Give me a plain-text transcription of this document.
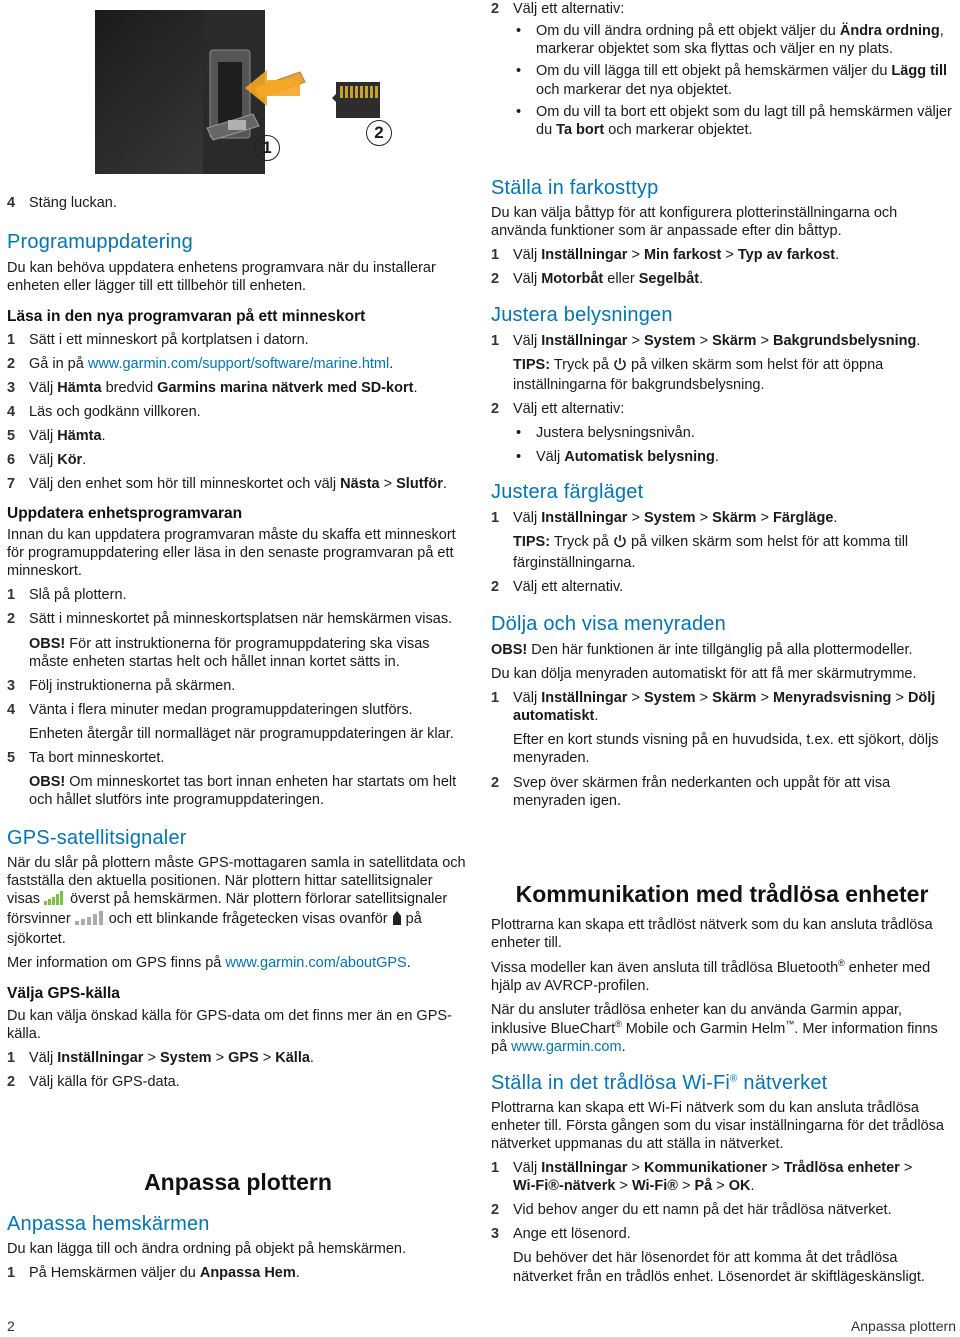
1
2
4 Stäng luckan.
Programuppdatering

Du kan behöva uppdatera enhetens programvara när du installerar enheten eller lägger till ett tillbehör till enheten.

Läsa in den nya programvaran på ett minneskort
1 Sätt i ett minneskort på kortplatsen i datorn.
2 Gå in på www.garmin.com/support/software/marine.html.
3 Välj Hämta bredvid Garmins marina nätverk med SD-kort.
4 Läs och godkänn villkoren.
5 Välj Hämta.
6 Välj Kör.
7 Välj den enhet som hör till minneskortet och välj Nästa > Slutför.
Uppdatera enhetsprogramvaran

Innan du kan uppdatera programvaran måste du skaffa ett minneskort för programuppdatering eller läsa in den senaste programvaran på ett minneskort.

1 Slå på plottern.
2 Sätt i minneskortet på minneskortsplatsen när hemskärmen visas.

OBS! För att instruktionerna för programuppdatering ska visas måste enheten startas helt och hållet innan kortet sätts in.

3 Följ instruktionerna på skärmen.
4 Vänta i flera minuter medan programuppdateringen slutförs.

Enheten återgår till normalläget när programuppdateringen är klar.

5 Ta bort minneskortet.

OBS! Om minneskortet tas bort innan enheten har startats om helt och hållet slutförs inte programuppdateringen.

GPS-satellitsignaler

När du slår på plottern måste GPS-mottagaren samla in satellitdata och fastställa den aktuella positionen. När plottern hittar satellitsignaler visas  överst på hemskärmen. När plottern förlorar satellitsignaler försvinner  och ett blinkande frågetecken visas ovanför  på sjökortet.

Mer information om GPS finns på www.garmin.com/aboutGPS.

Välja GPS-källa

Du kan välja önskad källa för GPS-data om det finns mer än en GPS-källa.

1 Välj Inställningar > System > GPS > Källa.
2 Välj källa för GPS-data.
Anpassa plottern
Anpassa hemskärmen

Du kan lägga till och ändra ordning på objekt på hemskärmen.

1 På Hemskärmen väljer du Anpassa Hem.
2 Välj ett alternativ:
• Om du vill ändra ordning på ett objekt väljer du Ändra ordning, markerar objektet som ska flyttas och väljer en ny plats.
• Om du vill lägga till ett objekt på hemskärmen väljer du Lägg till och markerar det nya objektet.
• Om du vill ta bort ett objekt som du lagt till på hemskärmen väljer du Ta bort och markerar objektet.
Ställa in farkosttyp

Du kan välja båttyp för att konfigurera plotterinställningarna och använda funktioner som är anpassade efter din båttyp.

1 Välj Inställningar > Min farkost > Typ av farkost.
2 Välj Motorbåt eller Segelbåt.
Justera belysningen
1 Välj Inställningar > System > Skärm > Bakgrundsbelysning.

TIPS: Tryck på  på vilken skärm som helst för att öppna inställningarna för bakgrundsbelysning.

2 Välj ett alternativ:
• Justera belysningsnivån.
• Välj Automatisk belysning.
Justera färgläget
1 Välj Inställningar > System > Skärm > Färgläge.

TIPS: Tryck på  på vilken skärm som helst för att komma till färginställningarna.

2 Välj ett alternativ.
Dölja och visa menyraden

OBS! Den här funktionen är inte tillgänglig på alla plottermodeller.

Du kan dölja menyraden automatiskt för att få mer skärmutrymme.

1 Välj Inställningar > System > Skärm > Menyradsvisning > Dölj automatiskt.

Efter en kort stunds visning på en huvudsida, t.ex. ett sjökort, döljs menyraden.

2 Svep över skärmen från nederkanten och uppåt för att visa menyraden igen.
Kommunikation med trådlösa enheter

Plottrarna kan skapa ett trådlöst nätverk som du kan ansluta trådlösa enheter till.

Vissa modeller kan även ansluta till trådlösa Bluetooth® enheter med hjälp av AVRCP-profilen.

När du ansluter trådlösa enheter kan du använda Garmin appar, inklusive BlueChart® Mobile och Garmin Helm™. Mer information finns på www.garmin.com.

Ställa in det trådlösa Wi‑Fi® nätverket

Plottrarna kan skapa ett Wi‑Fi nätverk som du kan ansluta trådlösa enheter till. Första gången som du visar inställningarna för det trådlösa nätverket uppmanas du att ställa in nätverket.

1 Välj Inställningar > Kommunikationer > Trådlösa enheter > Wi‑Fi®-nätverk > Wi‑Fi® > På > OK.
2 Vid behov anger du ett namn på det här trådlösa nätverket.
3 Ange ett lösenord.

Du behöver det här lösenordet för att komma åt det trådlösa nätverket från en trådlös enhet. Lösenordet är skiftlägeskänsligt.

2	Anpassa plottern
